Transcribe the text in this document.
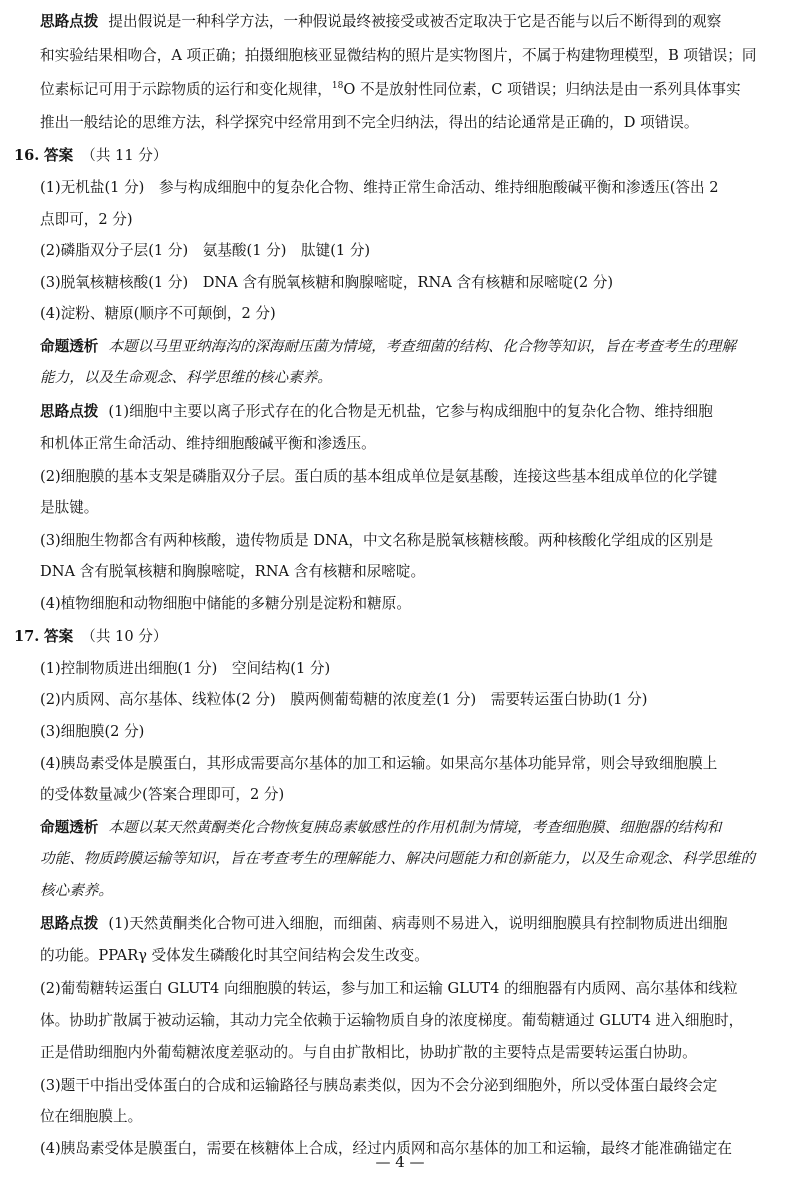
思路点拨 提出假说是一种科学方法，一种假说最终被接受或被否定取决于它是否能与以后不断得到的观察
和实验结果相吻合，A 项正确；拍摄细胞核亚显微结构的照片是实物图片，不属于构建物理模型，B 项错误；同
位素标记可用于示踪物质的运行和变化规律，$^{18}$O 不是放射性同位素，C 项错误；归纳法是由一系列具体事实
推出一般结论的思维方法，科学探究中经常用到不完全归纳法，得出的结论通常是正确的，D 项错误。
16. 答案 （共 11 分）
(1)无机盐(1 分)　参与构成细胞中的复杂化合物、维持正常生命活动、维持细胞酸碱平衡和渗透压(答出 2
点即可，2 分)
(2)磷脂双分子层(1 分)　氨基酸(1 分)　肽键(1 分)
(3)脱氧核糖核酸(1 分)　DNA 含有脱氧核糖和胸腺嘧啶，RNA 含有核糖和尿嘧啶(2 分)
(4)淀粉、糖原(顺序不可颠倒，2 分)
命题透析 本题以马里亚纳海沟的深海耐压菌为情境，考查细菌的结构、化合物等知识，旨在考查考生的理解
能力，以及生命观念、科学思维的核心素养。
思路点拨 (1)细胞中主要以离子形式存在的化合物是无机盐，它参与构成细胞中的复杂化合物、维持细胞
和机体正常生命活动、维持细胞酸碱平衡和渗透压。
(2)细胞膜的基本支架是磷脂双分子层。蛋白质的基本组成单位是氨基酸，连接这些基本组成单位的化学键
是肽键。
(3)细胞生物都含有两种核酸，遗传物质是 DNA，中文名称是脱氧核糖核酸。两种核酸化学组成的区别是
DNA 含有脱氧核糖和胸腺嘧啶，RNA 含有核糖和尿嘧啶。
(4)植物细胞和动物细胞中储能的多糖分别是淀粉和糖原。
17. 答案 （共 10 分）
(1)控制物质进出细胞(1 分)　空间结构(1 分)
(2)内质网、高尔基体、线粒体(2 分)　膜两侧葡萄糖的浓度差(1 分)　需要转运蛋白协助(1 分)
(3)细胞膜(2 分)
(4)胰岛素受体是膜蛋白，其形成需要高尔基体的加工和运输。如果高尔基体功能异常，则会导致细胞膜上
的受体数量减少(答案合理即可，2 分)
命题透析 本题以某天然黄酮类化合物恢复胰岛素敏感性的作用机制为情境，考查细胞膜、细胞器的结构和
功能、物质跨膜运输等知识，旨在考查考生的理解能力、解决问题能力和创新能力，以及生命观念、科学思维的
核心素养。
思路点拨 (1)天然黄酮类化合物可进入细胞，而细菌、病毒则不易进入，说明细胞膜具有控制物质进出细胞
的功能。PPARγ 受体发生磷酸化时其空间结构会发生改变。
(2)葡萄糖转运蛋白 GLUT4 向细胞膜的转运，参与加工和运输 GLUT4 的细胞器有内质网、高尔基体和线粒
体。协助扩散属于被动运输，其动力完全依赖于运输物质自身的浓度梯度。葡萄糖通过 GLUT4 进入细胞时，
正是借助细胞内外葡萄糖浓度差驱动的。与自由扩散相比，协助扩散的主要特点是需要转运蛋白协助。
(3)题干中指出受体蛋白的合成和运输路径与胰岛素类似，因为不会分泌到细胞外，所以受体蛋白最终会定
位在细胞膜上。
(4)胰岛素受体是膜蛋白，需要在核糖体上合成，经过内质网和高尔基体的加工和运输，最终才能准确锚定在
— 4 —
